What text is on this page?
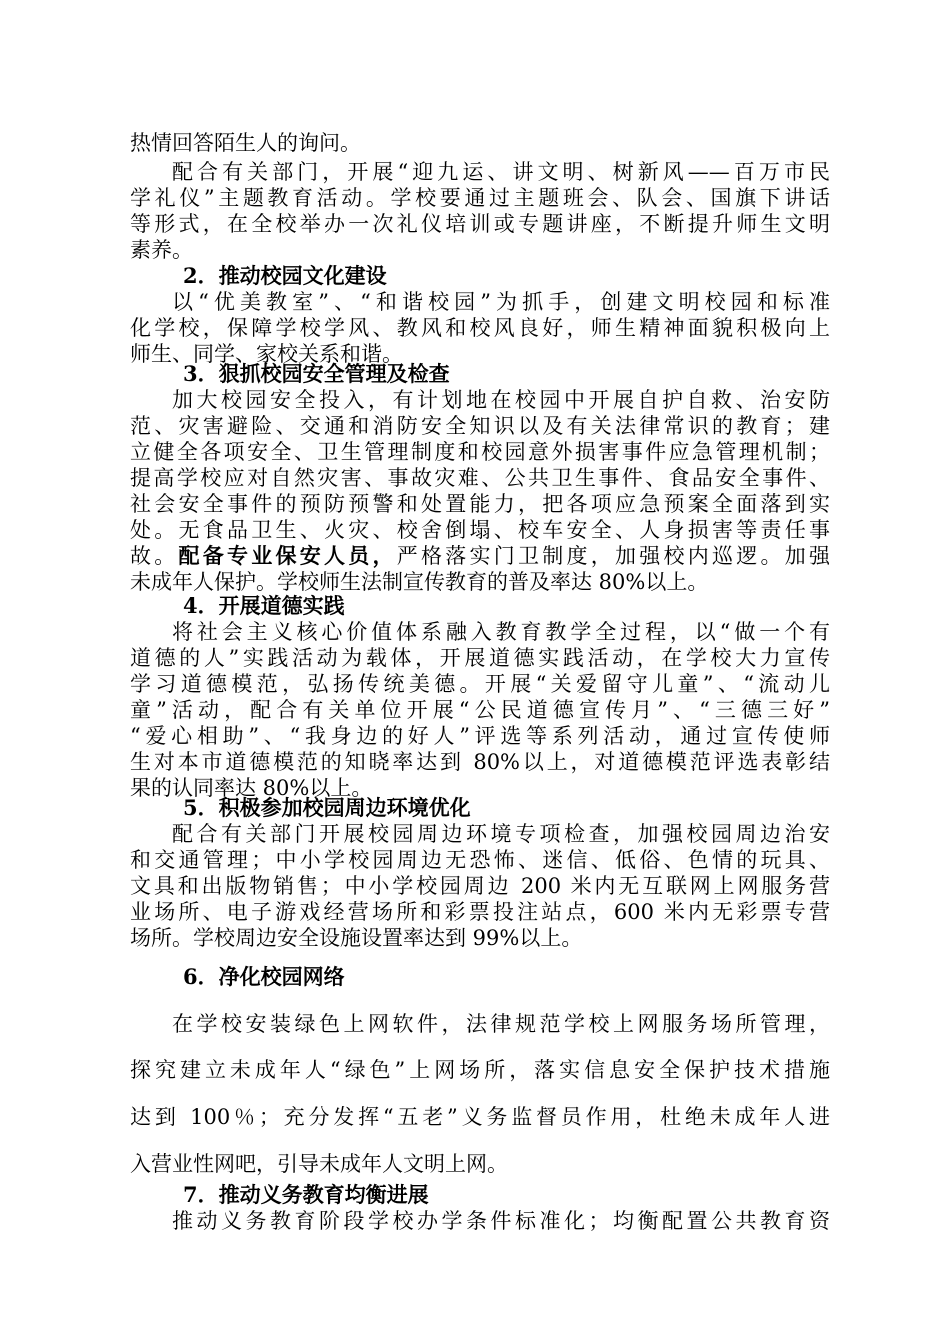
热情回答陌生人的询问。
配合有关部门，开展“迎九运、讲文明、树新风——百万市民
学礼仪”主题教育活动。学校要通过主题班会、队会、国旗下讲话
等形式，在全校举办一次礼仪培训或专题讲座，不断提升师生文明
素养。
2．推动校园文化建设
以“优美教室”、“和谐校园”为抓手，创建文明校园和标准
化学校，保障学校学风、教风和校风良好，师生精神面貌积极向上
师生、同学、家校关系和谐。
3．狠抓校园安全管理及检查
加大校园安全投入，有计划地在校园中开展自护自救、治安防
范、灾害避险、交通和消防安全知识以及有关法律常识的教育；建
立健全各项安全、卫生管理制度和校园意外损害事件应急管理机制；
提高学校应对自然灾害、事故灾难、公共卫生事件、食品安全事件、
社会安全事件的预防预警和处置能力，把各项应急预案全面落到实
处。无食品卫生、火灾、校舍倒塌、校车安全、人身损害等责任事
故。配备专业保安人员，严格落实门卫制度，加强校内巡逻。加强
未成年人保护。学校师生法制宣传教育的普及率达 80%以上。
4．开展道德实践
将社会主义核心价值体系融入教育教学全过程，以“做一个有
道德的人”实践活动为载体，开展道德实践活动，在学校大力宣传
学习道德模范，弘扬传统美德。开展“关爱留守儿童”、“流动儿
童”活动，配合有关单位开展“公民道德宣传月”、“三德三好”
“爱心相助”、“我身边的好人”评选等系列活动，通过宣传使师
生对本市道德模范的知晓率达到 80%以上，对道德模范评选表彰结
果的认同率达 80%以上。
5．积极参加校园周边环境优化
配合有关部门开展校园周边环境专项检查，加强校园周边治安
和交通管理；中小学校园周边无恐怖、迷信、低俗、色情的玩具、
文具和出版物销售；中小学校园周边 200 米内无互联网上网服务营
业场所、电子游戏经营场所和彩票投注站点，600 米内无彩票专营
场所。学校周边安全设施设置率达到 99%以上。
6．净化校园网络
在学校安装绿色上网软件，法律规范学校上网服务场所管理，
探究建立未成年人“绿色”上网场所，落实信息安全保护技术措施
达到 100％；充分发挥“五老”义务监督员作用，杜绝未成年人进
入营业性网吧，引导未成年人文明上网。
7．推动义务教育均衡进展
推动义务教育阶段学校办学条件标准化；均衡配置公共教育资
